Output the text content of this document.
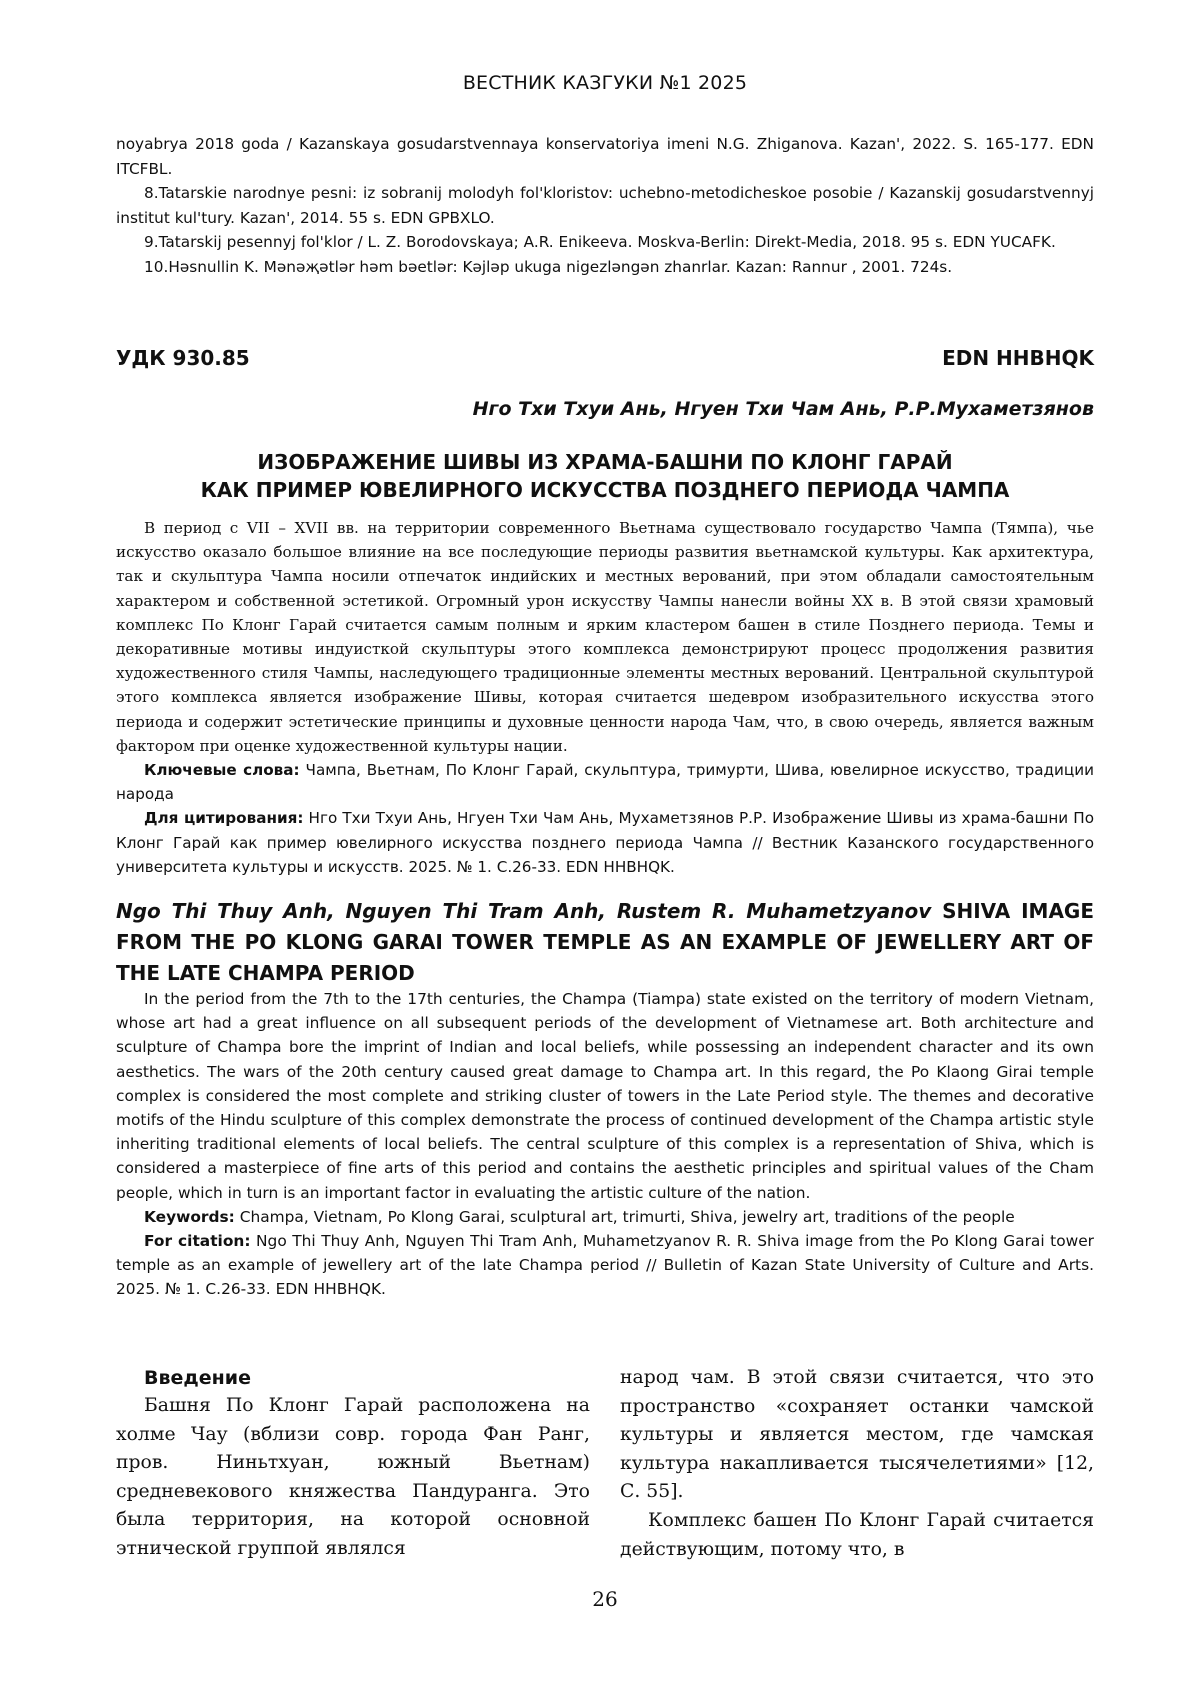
ВЕСТНИК КАЗГУКИ №1 2025

noyabrya 2018 goda / Kazanskaya gosudarstvennaya konservatoriya imeni N.G. Zhiganova. Kazan', 2022. S. 165-177. EDN ITCFBL.

8.Tatarskie narodnye pesni: iz sobranij molodyh fol'kloristov: uchebno-metodicheskoe posobie / Kazanskij gosudarstvennyj institut kul'tury. Kazan', 2014. 55 s. EDN GPBXLO.

9.Tatarskij pesennyj fol'klor / L. Z. Borodovskaya; A.R. Enikeeva. Moskva-Berlin: Direkt-Media, 2018. 95 s. EDN YUCAFK.

10.Həsnullin K. Mənəҗətlər həm bəetlər: Kəjləp ukuga nigezləngən zhanrlar. Kazan: Rannur , 2001. 724s.

УДК 930.85	EDN HHBHQK
Нго Тхи Тхуи Ань, Нгуен Тхи Чам Ань, Р.Р.Мухаметзянов
ИЗОБРАЖЕНИЕ ШИВЫ ИЗ ХРАМА-БАШНИ ПО КЛОНГ ГАРАЙ
КАК ПРИМЕР ЮВЕЛИРНОГО ИСКУССТВА ПОЗДНЕГО ПЕРИОДА ЧАМПА

В период с VII – XVII вв. на территории современного Вьетнама существовало государство Чампа (Тямпа), чье искусство оказало большое влияние на все последующие периоды развития вьетнамской культуры. Как архитектура, так и скульптура Чампа носили отпечаток индийских и местных верований, при этом обладали самостоятельным характером и собственной эстетикой. Огромный урон искусству Чампы нанесли войны XX в. В этой связи храмовый комплекс По Клонг Гарай считается самым полным и ярким кластером башен в стиле Позднего периода. Темы и декоративные мотивы индуисткой скульптуры этого комплекса демонстрируют процесс продолжения развития художественного стиля Чампы, наследующего традиционные элементы местных верований. Центральной скульптурой этого комплекса является изображение Шивы, которая считается шедевром изобразительного искусства этого периода и содержит эстетические принципы и духовные ценности народа Чам, что, в свою очередь, является важным фактором при оценке художественной культуры нации.

Ключевые слова: Чампа, Вьетнам, По Клонг Гарай, скульптура, тримурти, Шива, ювелирное искусство, традиции народа

Для цитирования: Нго Тхи Тхуи Ань, Нгуен Тхи Чам Ань, Мухаметзянов Р.Р. Изображение Шивы из храма-башни По Клонг Гарай как пример ювелирного искусства позднего периода Чампа // Вестник Казанского государственного университета культуры и искусств. 2025. № 1. С.26-33. EDN HHBHQK.

Ngo Thi Thuy Anh, Nguyen Thi Tram Anh, Rustem R. Muhametzyanov SHIVA IMAGE FROM THE PO KLONG GARAI TOWER TEMPLE AS AN EXAMPLE OF JEWELLERY ART OF THE LATE CHAMPA PERIOD

In the period from the 7th to the 17th centuries, the Champa (Tiampa) state existed on the territory of modern Vietnam, whose art had a great influence on all subsequent periods of the development of Vietnamese art. Both architecture and sculpture of Champa bore the imprint of Indian and local beliefs, while possessing an independent character and its own aesthetics. The wars of the 20th century caused great damage to Champa art. In this regard, the Po Klaong Girai temple complex is considered the most complete and striking cluster of towers in the Late Period style. The themes and decorative motifs of the Hindu sculpture of this complex demonstrate the process of continued development of the Champa artistic style inheriting traditional elements of local beliefs. The central sculpture of this complex is a representation of Shiva, which is considered a masterpiece of fine arts of this period and contains the aesthetic principles and spiritual values of the Cham people, which in turn is an important factor in evaluating the artistic culture of the nation.

Keywords: Champa, Vietnam, Po Klong Garai, sculptural art, trimurti, Shiva, jewelry art, traditions of the people

For citation: Ngo Thi Thuy Anh, Nguyen Thi Tram Anh, Muhametzyanov R. R. Shiva image from the Po Klong Garai tower temple as an example of jewellery art of the late Champa period // Bulletin of Kazan State University of Culture and Arts. 2025. № 1. C.26-33. EDN HHBHQK.

Введение

Башня По Клонг Гарай расположена на холме Чау (вблизи совр. города Фан Ранг, пров. Ниньтхуан, южный Вьетнам) средневекового княжества Пандуранга. Это была территория, на которой основной этнической группой являлся

народ чам. В этой связи считается, что это пространство «сохраняет останки чамской культуры и является местом, где чамская культура накапливается тысячелетиями» [12, С. 55].

Комплекс башен По Клонг Гарай считается действующим, потому что, в

26
